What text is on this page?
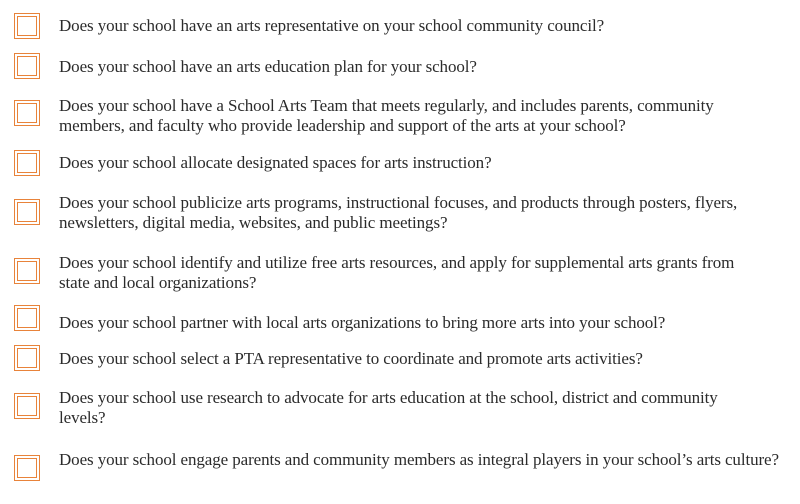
Does your school have an arts representative on your school community council?
Does your school have an arts education plan for your school?
Does your school have a School Arts Team that meets regularly, and includes parents, community members, and faculty who provide leadership and support of the arts at your school?
Does your school allocate designated spaces for arts instruction?
Does your school publicize arts programs, instructional focuses, and products through posters, flyers, newsletters, digital media, websites, and public meetings?
Does your school identify and utilize free arts resources, and apply for supplemental arts grants from state and local organizations?
Does your school partner with local arts organizations to bring more arts into your school?
Does your school select a PTA representative to coordinate and promote arts activities?
Does your school use research to advocate for arts education at the school, district and community levels?
Does your school engage parents and community members as integral players in your school’s arts culture?
